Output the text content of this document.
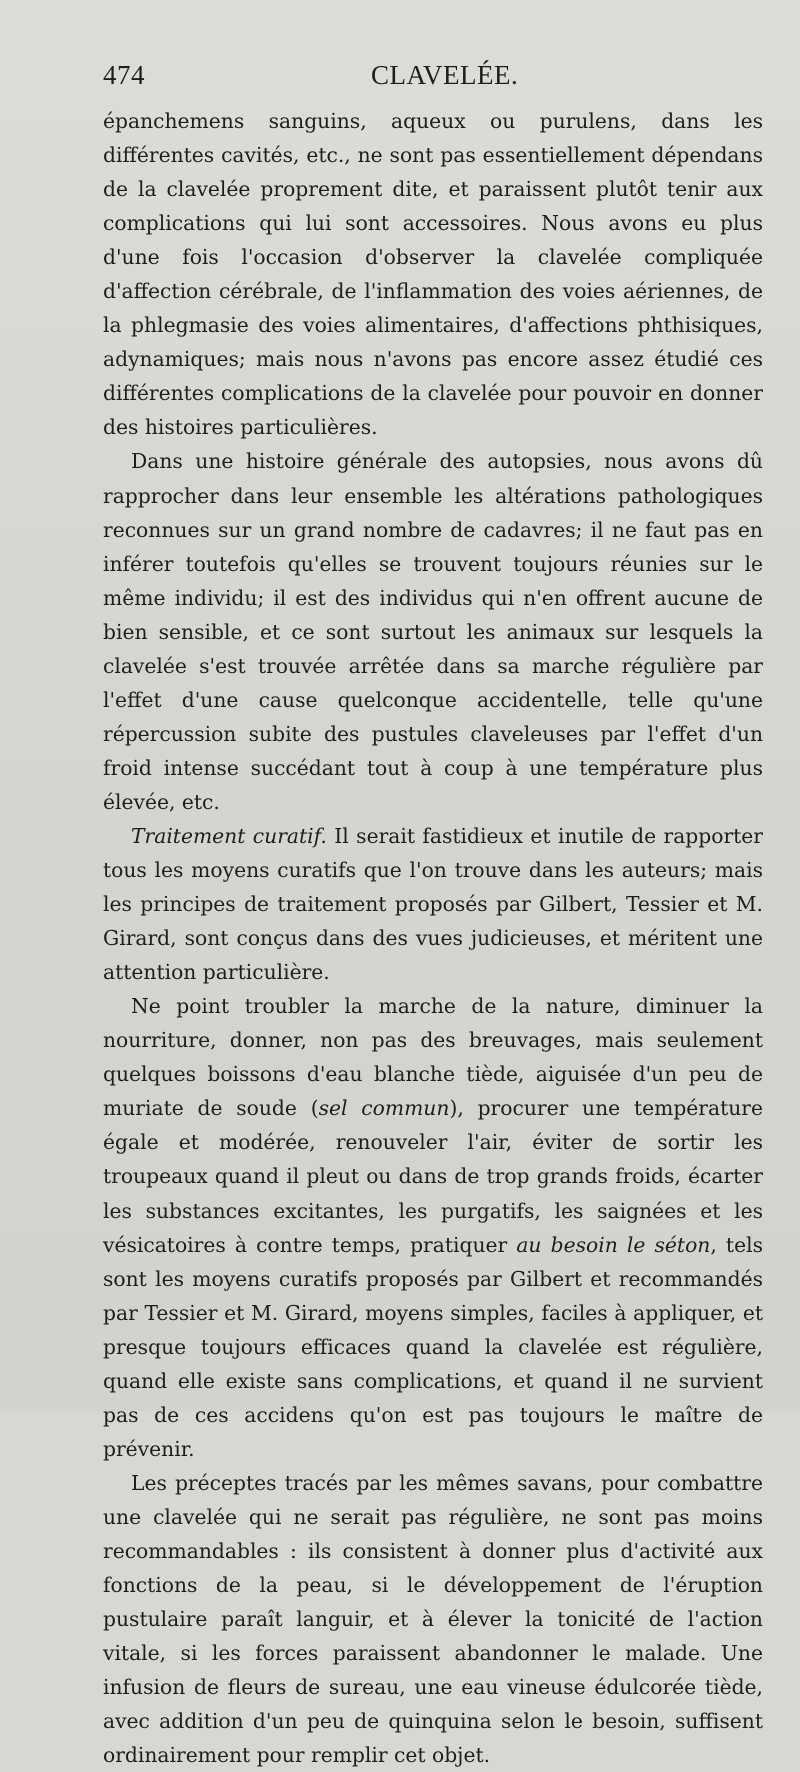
474	CLAVELÉE.

épanchemens sanguins, aqueux ou purulens, dans les différentes cavités, etc., ne sont pas essentiellement dépendans de la clavelée proprement dite, et paraissent plutôt tenir aux complications qui lui sont accessoires. Nous avons eu plus d'une fois l'occasion d'observer la clavelée compliquée d'affection cérébrale, de l'inflammation des voies aériennes, de la phlegmasie des voies alimentaires, d'affections phthisiques, adynamiques; mais nous n'avons pas encore assez étudié ces différentes complications de la clavelée pour pouvoir en donner des histoires particulières.

Dans une histoire générale des autopsies, nous avons dû rapprocher dans leur ensemble les altérations pathologiques reconnues sur un grand nombre de cadavres; il ne faut pas en inférer toutefois qu'elles se trouvent toujours réunies sur le même individu; il est des individus qui n'en offrent aucune de bien sensible, et ce sont surtout les animaux sur lesquels la clavelée s'est trouvée arrêtée dans sa marche régulière par l'effet d'une cause quelconque accidentelle, telle qu'une répercussion subite des pustules claveleuses par l'effet d'un froid intense succédant tout à coup à une température plus élevée, etc.

Traitement curatif. Il serait fastidieux et inutile de rapporter tous les moyens curatifs que l'on trouve dans les auteurs; mais les principes de traitement proposés par Gilbert, Tessier et M. Girard, sont conçus dans des vues judicieuses, et méritent une attention particulière.

Ne point troubler la marche de la nature, diminuer la nourriture, donner, non pas des breuvages, mais seulement quelques boissons d'eau blanche tiède, aiguisée d'un peu de muriate de soude (sel commun), procurer une température égale et modérée, renouveler l'air, éviter de sortir les troupeaux quand il pleut ou dans de trop grands froids, écarter les substances excitantes, les purgatifs, les saignées et les vésicatoires à contre temps, pratiquer au besoin le séton, tels sont les moyens curatifs proposés par Gilbert et recommandés par Tessier et M. Girard, moyens simples, faciles à appliquer, et presque toujours efficaces quand la clavelée est régulière, quand elle existe sans complications, et quand il ne survient pas de ces accidens qu'on est pas toujours le maître de prévenir.

Les préceptes tracés par les mêmes savans, pour combattre une clavelée qui ne serait pas régulière, ne sont pas moins recommandables : ils consistent à donner plus d'activité aux fonctions de la peau, si le développement de l'éruption pustulaire paraît languir, et à élever la tonicité de l'action vitale, si les forces paraissent abandonner le malade. Une infusion de fleurs de sureau, une eau vineuse édulcorée tiède, avec addition d'un peu de quinquina selon le besoin, suffisent ordinairement pour remplir cet objet.
